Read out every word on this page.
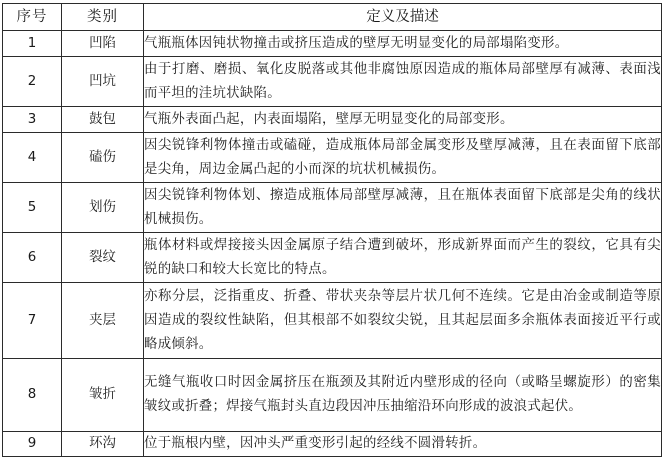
序号	类别	定义及描述
1	凹陷	气瓶瓶体因钝状物撞击或挤压造成的壁厚无明显变化的局部塌陷变形。
2	凹坑	由于打磨、磨损、氧化皮脱落或其他非腐蚀原因造成的瓶体局部壁厚有减薄、表面浅而平坦的洼坑状缺陷。
3	鼓包	气瓶外表面凸起，内表面塌陷，壁厚无明显变化的局部变形。
4	磕伤	因尖锐锋利物体撞击或磕碰，造成瓶体局部金属变形及壁厚减薄，且在表面留下底部是尖角，周边金属凸起的小而深的坑状机械损伤。
5	划伤	因尖锐锋利物体划、擦造成瓶体局部壁厚减薄，且在瓶体表面留下底部是尖角的线状机械损伤。
6	裂纹	瓶体材料或焊接接头因金属原子结合遭到破坏，形成新界面而产生的裂纹，它具有尖锐的缺口和较大长宽比的特点。
7	夹层	亦称分层，泛指重皮、折叠、带状夹杂等层片状几何不连续。它是由冶金或制造等原因造成的裂纹性缺陷，但其根部不如裂纹尖锐，且其起层面多余瓶体表面接近平行或略成倾斜。
8	皱折	无缝气瓶收口时因金属挤压在瓶颈及其附近内壁形成的径向（或略呈螺旋形）的密集皱纹或折叠；焊接气瓶封头直边段因冲压抽缩沿环向形成的波浪式起伏。
9	环沟	位于瓶根内壁，因冲头严重变形引起的经线不圆滑转折。
